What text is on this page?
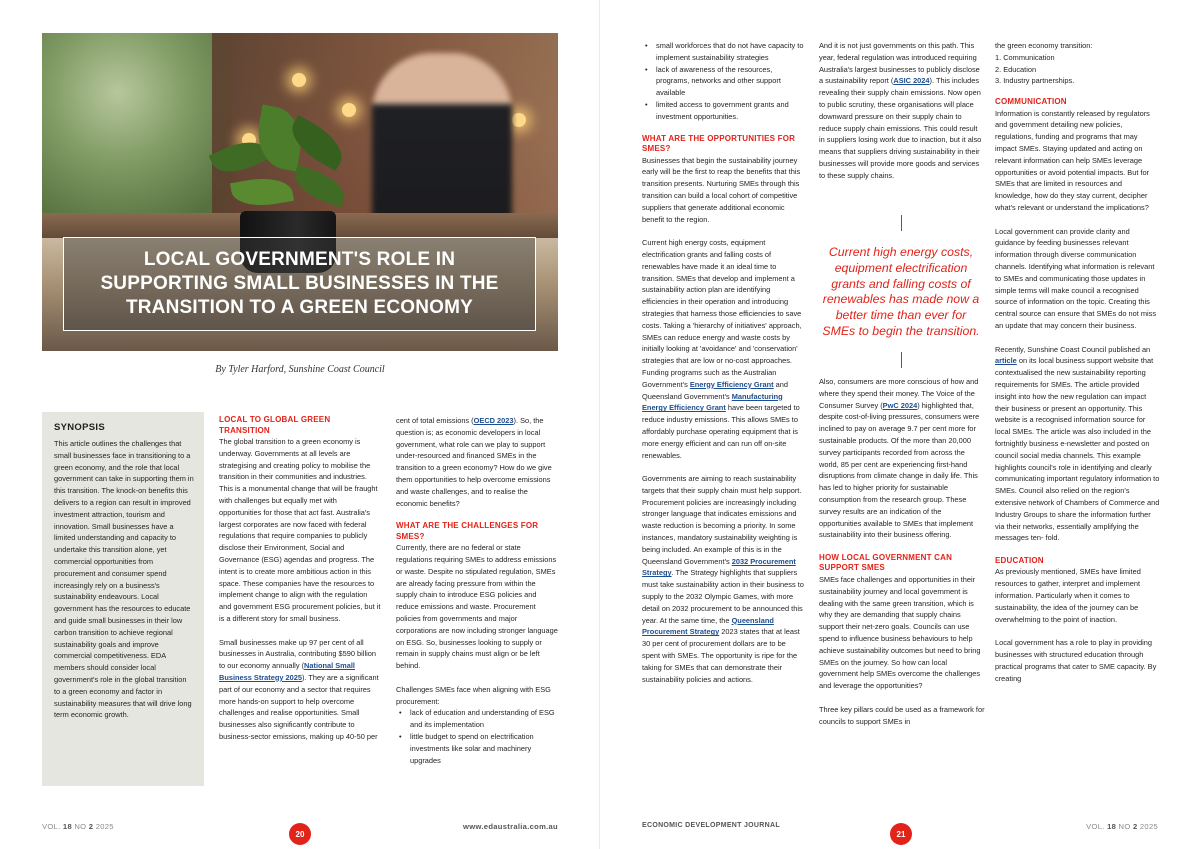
LOCAL GOVERNMENT'S ROLE IN SUPPORTING SMALL BUSINESSES IN THE TRANSITION TO A GREEN ECONOMY
By Tyler Harford, Sunshine Coast Council
SYNOPSIS

This article outlines the challenges that small businesses face in transitioning to a green economy, and the role that local government can take in supporting them in this transition. The knock-on benefits this delivers to a region can result in improved investment attraction, tourism and innovation. Small businesses have a limited understanding and capacity to undertake this transition alone, yet commercial opportunities from procurement and consumer spend increasingly rely on a business's sustainability endeavours. Local government has the resources to educate and guide small businesses in their low carbon transition to achieve regional sustainability goals and improve commercial competitiveness. EDA members should consider local government's role in the global transition to a green economy and factor in sustainability measures that will drive long term economic growth.

LOCAL TO GLOBAL GREEN TRANSITION

The global transition to a green economy is underway. Governments at all levels are strategising and creating policy to mobilise the transition in their communities and industries. This is a monumental change that will be fraught with challenges but equally met with opportunities for those that act fast. Australia's largest corporates are now faced with federal regulations that require companies to publicly disclose their Environment, Social and Governance (ESG) agendas and progress. The intent is to create more ambitious action in this space. These companies have the resources to implement change to align with the regulation and government ESG procurement policies, but it is a different story for small business.

Small businesses make up 97 per cent of all businesses in Australia, contributing $590 billion to our economy annually (National Small Business Strategy 2025). They are a significant part of our economy and a sector that requires more hands-on support to help overcome challenges and realise opportunities. Small businesses also significantly contribute to business-sector emissions, making up 40-50 per

cent of total emissions (OECD 2023). So, the question is; as economic developers in local government, what role can we play to support under-resourced and financed SMEs in the transition to a green economy? How do we give them opportunities to help overcome emissions and waste challenges, and to realise the economic benefits?

WHAT ARE THE CHALLENGES FOR SMES?

Currently, there are no federal or state regulations requiring SMEs to address emissions or waste. Despite no stipulated regulation, SMEs are already facing pressure from within the supply chain to introduce ESG policies and reduce emissions and waste. Procurement policies from governments and major corporations are now including stronger language on ESG. So, businesses looking to supply or remain in supply chains must align or be left behind.

Challenges SMEs face when aligning with ESG procurement:

• lack of education and understanding of ESG and its implementation
• little budget to spend on electrification investments like solar and machinery upgrades
VOL. 18 NO 2 2025
20
www.edaustralia.com.au
• small workforces that do not have capacity to implement sustainability strategies
• lack of awareness of the resources, programs, networks and other support available
• limited access to government grants and investment opportunities.
WHAT ARE THE OPPORTUNITIES FOR SMES?

Businesses that begin the sustainability journey early will be the first to reap the benefits that this transition presents. Nurturing SMEs through this transition can build a local cohort of competitive suppliers that generate additional economic benefit to the region.

Current high energy costs, equipment electrification grants and falling costs of renewables have made it an ideal time to transition. SMEs that develop and implement a sustainability action plan are identifying efficiencies in their operation and introducing strategies that harness those efficiencies to save costs. Taking a 'hierarchy of initiatives' approach, SMEs can reduce energy and waste costs by initially looking at 'avoidance' and 'conservation' strategies that are low or no-cost approaches. Funding programs such as the Australian Government's Energy Efficiency Grant and Queensland Government's Manufacturing Energy Efficiency Grant have been targeted to reduce industry emissions. This allows SMEs to affordably purchase operating equipment that is more energy efficient and can run off on-site renewables.

Governments are aiming to reach sustainability targets that their supply chain must help support. Procurement policies are increasingly including stronger language that indicates emissions and waste reduction is becoming a priority. In some instances, mandatory sustainability weighting is being included. An example of this is in the Queensland Government's 2032 Procurement Strategy. The Strategy highlights that suppliers must take sustainability action in their business to supply to the 2032 Olympic Games, with more detail on 2032 procurement to be announced this year. At the same time, the Queensland Procurement Strategy 2023 states that at least 30 per cent of procurement dollars are to be spent with SMEs. The opportunity is ripe for the taking for SMEs that can demonstrate their sustainability policies and actions.

And it is not just governments on this path. This year, federal regulation was introduced requiring Australia's largest businesses to publicly disclose a sustainability report (ASIC 2024). This includes revealing their supply chain emissions. Now open to public scrutiny, these organisations will place downward pressure on their supply chain to reduce supply chain emissions. This could result in suppliers losing work due to inaction, but it also means that suppliers driving sustainability in their businesses will provide more goods and services to these supply chains.

Also, consumers are more conscious of how and where they spend their money. The Voice of the Consumer Survey (PwC 2024) highlighted that, despite cost-of-living pressures, consumers were inclined to pay on average 9.7 per cent more for sustainable products. Of the more than 20,000 survey participants recorded from across the world, 85 per cent are experiencing first-hand disruptions from climate change in daily life. This has led to higher priority for sustainable consumption from the research group. These survey results are an indication of the opportunities available to SMEs that implement sustainability into their business offering.

HOW LOCAL GOVERNMENT CAN SUPPORT SMES

SMEs face challenges and opportunities in their sustainability journey and local government is dealing with the same green transition, which is why they are demanding that supply chains support their net-zero goals. Councils can use spend to influence business behaviours to help achieve sustainability outcomes but need to bring SMEs on the journey. So how can local government help SMEs overcome the challenges and leverage the opportunities?

Three key pillars could be used as a framework for councils to support SMEs in

the green economy transition:

1. Communication
2. Education
3. Industry partnerships.
COMMUNICATION

Information is constantly released by regulators and government detailing new policies, regulations, funding and programs that may impact SMEs. Staying updated and acting on relevant information can help SMEs leverage opportunities or avoid potential impacts. But for SMEs that are limited in resources and knowledge, how do they stay current, decipher what's relevant or understand the implications?

Local government can provide clarity and guidance by feeding businesses relevant information through diverse communication channels. Identifying what information is relevant to SMEs and communicating those updates in simple terms will make council a recognised source of information on the topic. Creating this central source can ensure that SMEs do not miss an update that may concern their business.

Recently, Sunshine Coast Council published an article on its local business support website that contextualised the new sustainability reporting requirements for SMEs. The article provided insight into how the new regulation can impact their business or present an opportunity. This website is a recognised information source for local SMEs. The article was also included in the fortnightly business e-newsletter and posted on council social media channels. This example highlights council's role in identifying and clearly communicating important regulatory information to SMEs. Council also relied on the region's extensive network of Chambers of Commerce and Industry Groups to share the information further via their networks, essentially amplifying the messages ten- fold.

EDUCATION

As previously mentioned, SMEs have limited resources to gather, interpret and implement information. Particularly when it comes to sustainability, the idea of the journey can be overwhelming to the point of inaction.

Local government has a role to play in providing businesses with structured education through practical programs that cater to SME capacity. By creating

ECONOMIC DEVELOPMENT JOURNAL
21
VOL. 18 NO 2 2025

Current high energy costs, equipment electrification grants and falling costs of renewables has made now a better time than ever for SMEs to begin the transition.
